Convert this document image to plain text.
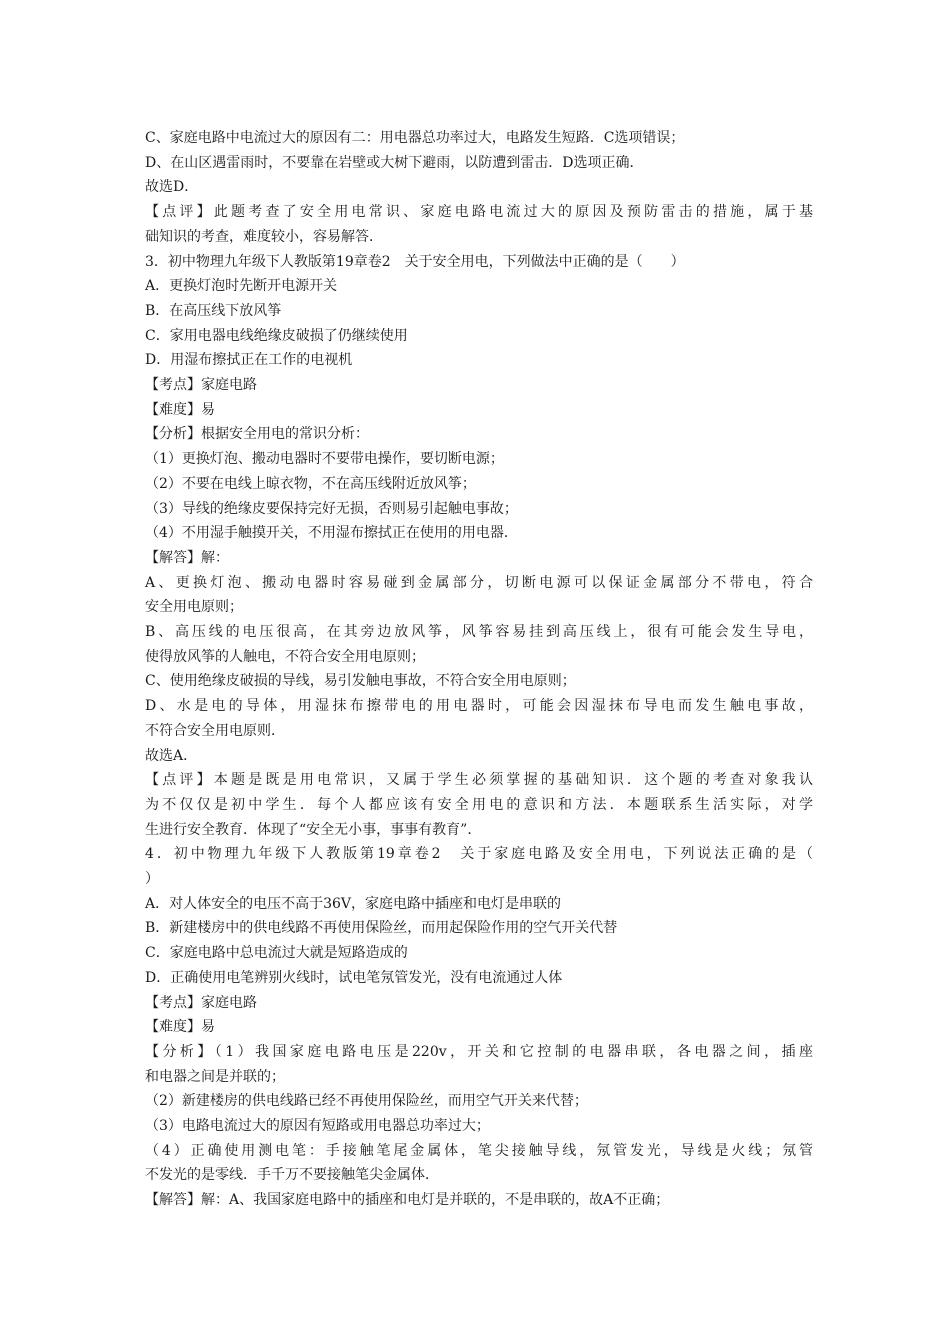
C、家庭电路中电流过大的原因有二：用电器总功率过大，电路发生短路．C选项错误；
D、在山区遇雷雨时，不要靠在岩壁或大树下避雨，以防遭到雷击．D选项正确．
故选D．
【点评】此题考查了安全用电常识、家庭电路电流过大的原因及预防雷击的措施，属于基
础知识的考查，难度较小，容易解答．
3．初中物理九年级下人教版第19章卷2　关于安全用电，下列做法中正确的是（　　）
A．更换灯泡时先断开电源开关
B．在高压线下放风筝
C．家用电器电线绝缘皮破损了仍继续使用
D．用湿布擦拭正在工作的电视机
【考点】家庭电路
【难度】易
【分析】根据安全用电的常识分析：
（1）更换灯泡、搬动电器时不要带电操作，要切断电源；
（2）不要在电线上晾衣物，不在高压线附近放风筝；
（3）导线的绝缘皮要保持完好无损，否则易引起触电事故；
（4）不用湿手触摸开关，不用湿布擦拭正在使用的用电器．
【解答】解：
A、更换灯泡、搬动电器时容易碰到金属部分，切断电源可以保证金属部分不带电，符合
安全用电原则；
B、高压线的电压很高，在其旁边放风筝，风筝容易挂到高压线上，很有可能会发生导电，
使得放风筝的人触电，不符合安全用电原则；
C、使用绝缘皮破损的导线，易引发触电事故，不符合安全用电原则；
D、水是电的导体，用湿抹布擦带电的用电器时，可能会因湿抹布导电而发生触电事故，
不符合安全用电原则．
故选A．
【点评】本题是既是用电常识，又属于学生必须掌握的基础知识．这个题的考查对象我认
为不仅仅是初中学生．每个人都应该有安全用电的意识和方法．本题联系生活实际，对学
生进行安全教育．体现了“安全无小事，事事有教育”．
4．初中物理九年级下人教版第19章卷2　关于家庭电路及安全用电，下列说法正确的是（
）
A．对人体安全的电压不高于36V，家庭电路中插座和电灯是串联的
B．新建楼房中的供电线路不再使用保险丝，而用起保险作用的空气开关代替
C．家庭电路中总电流过大就是短路造成的
D．正确使用电笔辨别火线时，试电笔氖管发光，没有电流通过人体
【考点】家庭电路
【难度】易
【分析】（1）我国家庭电路电压是220v，开关和它控制的电器串联，各电器之间，插座
和电器之间是并联的；
（2）新建楼房的供电线路已经不再使用保险丝，而用空气开关来代替；
（3）电路电流过大的原因有短路或用电器总功率过大；
（4）正确使用测电笔：手接触笔尾金属体，笔尖接触导线，氖管发光，导线是火线；氖管
不发光的是零线．手千万不要接触笔尖金属体．
【解答】解：A、我国家庭电路中的插座和电灯是并联的，不是串联的，故A不正确；
